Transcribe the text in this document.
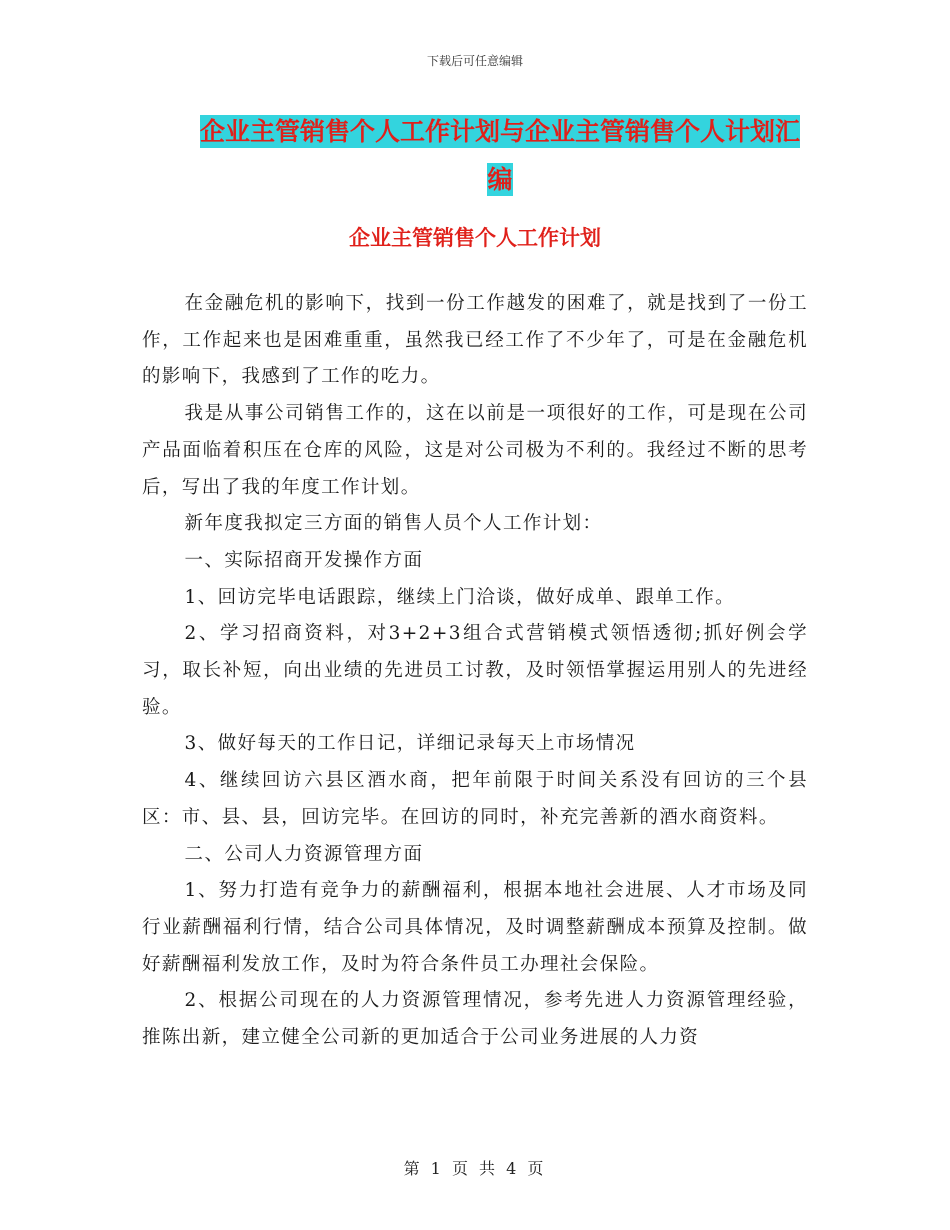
下载后可任意编辑
企业主管销售个人工作计划与企业主管销售个人计划汇编
企业主管销售个人工作计划

在金融危机的影响下，找到一份工作越发的困难了，就是找到了一份工作，工作起来也是困难重重，虽然我已经工作了不少年了，可是在金融危机的影响下，我感到了工作的吃力。

我是从事公司销售工作的，这在以前是一项很好的工作，可是现在公司产品面临着积压在仓库的风险，这是对公司极为不利的。我经过不断的思考后，写出了我的年度工作计划。

新年度我拟定三方面的销售人员个人工作计划：

一、实际招商开发操作方面

1、回访完毕电话跟踪，继续上门洽谈，做好成单、跟单工作。

2、学习招商资料，对3+2+3组合式营销模式领悟透彻;抓好例会学习，取长补短，向出业绩的先进员工讨教，及时领悟掌握运用别人的先进经验。

3、做好每天的工作日记，详细记录每天上市场情况

4、继续回访六县区酒水商，把年前限于时间关系没有回访的三个县区：市、县、县，回访完毕。在回访的同时，补充完善新的酒水商资料。

二、公司人力资源管理方面

1、努力打造有竞争力的薪酬福利，根据本地社会进展、人才市场及同行业薪酬福利行情，结合公司具体情况，及时调整薪酬成本预算及控制。做好薪酬福利发放工作，及时为符合条件员工办理社会保险。

2、根据公司现在的人力资源管理情况，参考先进人力资源管理经验，推陈出新，建立健全公司新的更加适合于公司业务进展的人力资

第 1 页 共 4 页
